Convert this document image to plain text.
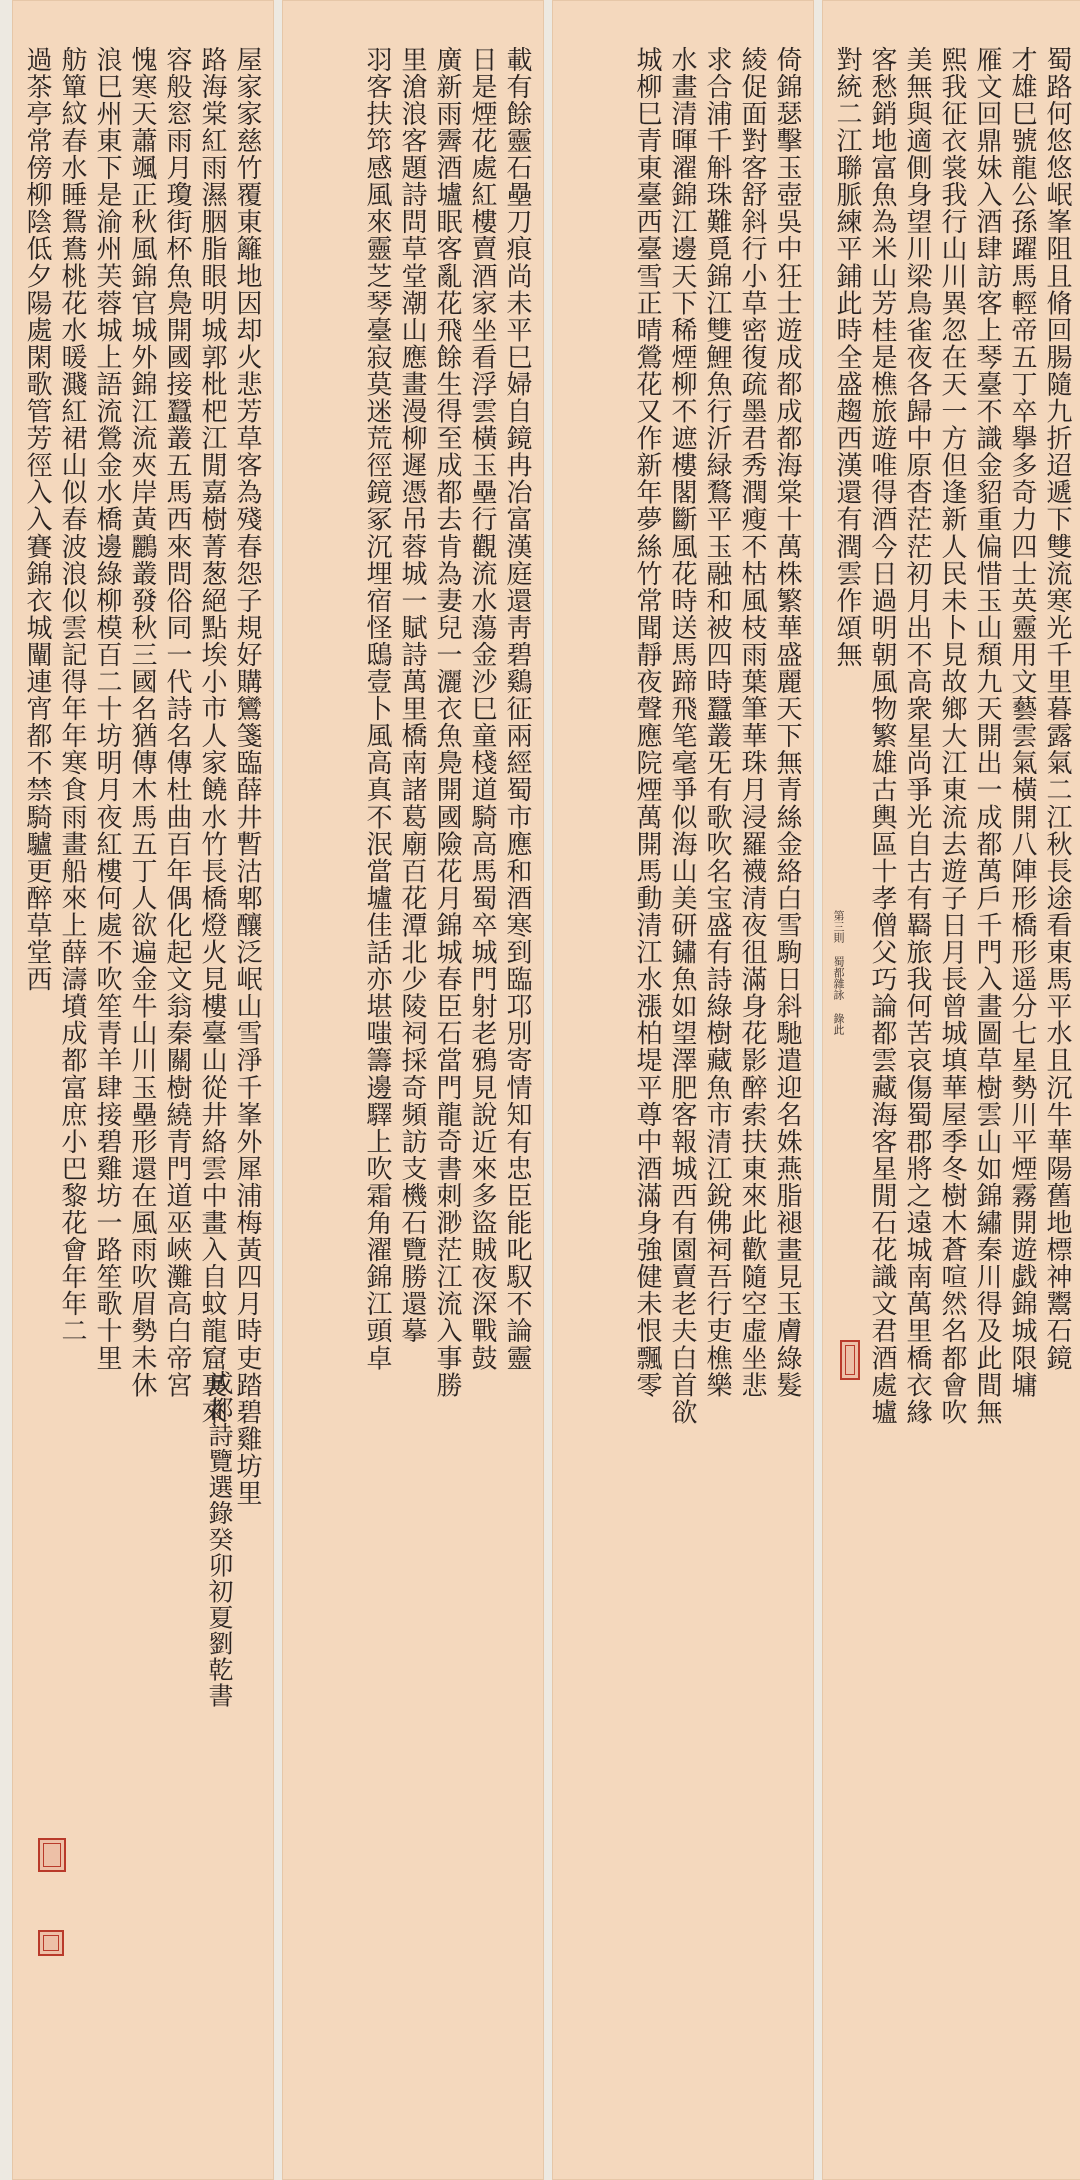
屋家家慈竹覆東籬地因却火悲芳草客為殘春怨子規好購鸞箋臨薛井暫沽郫釀泛岷山雪淨千峯外犀浦梅黃四月時吏踏碧雞坊里
路海棠紅雨濕胭脂眼明城郭枇杷江閒嘉樹菁葱絕點埃小市人家饒水竹長橋燈火見樓臺山從井絡雲中畫入自蚊龍窟裏來
容般窓雨月瓊街杯魚鳧開國接蠶叢五馬西來問俗同一代詩名傳杜曲百年偶化起文翁秦關樹繞青門道巫峽灘高白帝宮
愧寒天蕭颯正秋風錦官城外錦江流夾岸黃鸝叢發秋三國名猶傳木馬五丁人欲遍金牛山川玉壘形還在風雨吹眉勢未休
浪巳州東下是渝州芙蓉城上語流鶯金水橋邊綠柳模百二十坊明月夜紅樓何處不吹笙青羊肆接碧雞坊一路笙歌十里
舫簞紋春水睡鴛鴦桃花水暖濺紅裙山似春波浪似雲記得年年寒食雨畫船來上薛濤墳成都富庶小巴黎花會年年二
過茶亭常傍柳陰低夕陽處閑歌管芳徑入入賽錦衣城闡連宵都不禁騎驢更醉草堂西
成都詩覽選錄癸卯初夏劉乾書
載有餘靈石壘刀痕尚未平巳婦自鏡冉冶富漢庭還靑碧鷄征兩經蜀市應和酒寒到臨邛別寄情知有忠臣能叱馭不論靈
日是煙花處紅樓賣酒家坐看浮雲橫玉壘行觀流水蕩金沙巳童棧道騎高馬蜀卒城門射老鴉見說近來多盜賊夜深戰鼓
廣新雨霽酒壚眠客亂花飛餘生得至成都去肯為妻兒一灑衣魚鳧開國險花月錦城春臣石當門龍奇書刺渺茫江流入事勝
里滄浪客題詩問草堂潮山應畫漫柳遲憑吊蓉城一賦詩萬里橋南諸葛廟百花潭北少陵祠採奇頻訪支機石覽勝還摹
羽客扶筇感風來靈芝琴臺寂莫迷荒徑鏡冢沉埋宿怪鴟壹卜風高真不泯當壚佳話亦堪嗤籌邊驛上吹霜角濯錦江頭卓	倚錦瑟擊玉壺吳中狂士遊成都成都海棠十萬株繁華盛麗天下無青絲金絡白雪駒日斜馳遣迎名姝燕脂褪畫見玉膚綠髮
綾促面對客舒斜行小草密復疏墨君秀潤瘦不枯風枝雨葉筆華珠月浸羅襪清夜徂滿身花影醉索扶東來此歡隨空虛坐悲
求合浦千斛珠難覓錦江雙鯉魚行沂緑鶩平玉融和被四時蠶叢旡有歌吹名宝盛有詩綠樹藏魚市清江銳佛祠吾行吏樵樂
水畫清暉濯錦江邊天下稀煙柳不遮樓閣斷風花時送馬蹄飛笔毫爭似海山美研鏽魚如望澤肥客報城西有園賣老夫白首欲
城柳巳青東臺西臺雪正晴鶯花又作新年夢絲竹常聞靜夜聲應院煙萬開馬動清江水漲柏堤平尊中酒滿身強健未恨飄零	蜀路何悠悠岷峯阻且脩回腸隨九折迢遞下雙流寒光千里暮露氣二江秋長途看東馬平水且沉牛華陽舊地標神鬻石鏡
才雄巳號龍公孫躍馬輕帝五丁卒擧多奇力四士英靈用文藝雲氣橫開八陣形橋形遥分七星勢川平煙霧開遊戯錦城限墉
雁文回鼎妹入酒肆訪客上琴臺不識金貂重偏惜玉山頹九天開出一成都萬戶千門入畫圖草樹雲山如錦繡秦川得及此間無
熙我征衣裳我行山川異忽在天一方但逢新人民未卜見故鄉大江東流去遊子日月長曾城填華屋季冬樹木蒼喧然名都會吹
美無與適側身望川梁鳥雀夜各歸中原杳茫茫初月出不高衆星尚爭光自古有羇旅我何苦哀傷蜀郡將之遠城南萬里橋衣緣
客愁銷地富魚為米山芳桂是樵旅遊唯得酒今日過明朝風物繁雄古輿區十孝僧父巧論都雲藏海客星閒石花識文君酒處壚
對統二江聯脈練平鋪此時全盛趨西漢還有潤雲作頌無
第三則 蜀都雜詠 錄此
